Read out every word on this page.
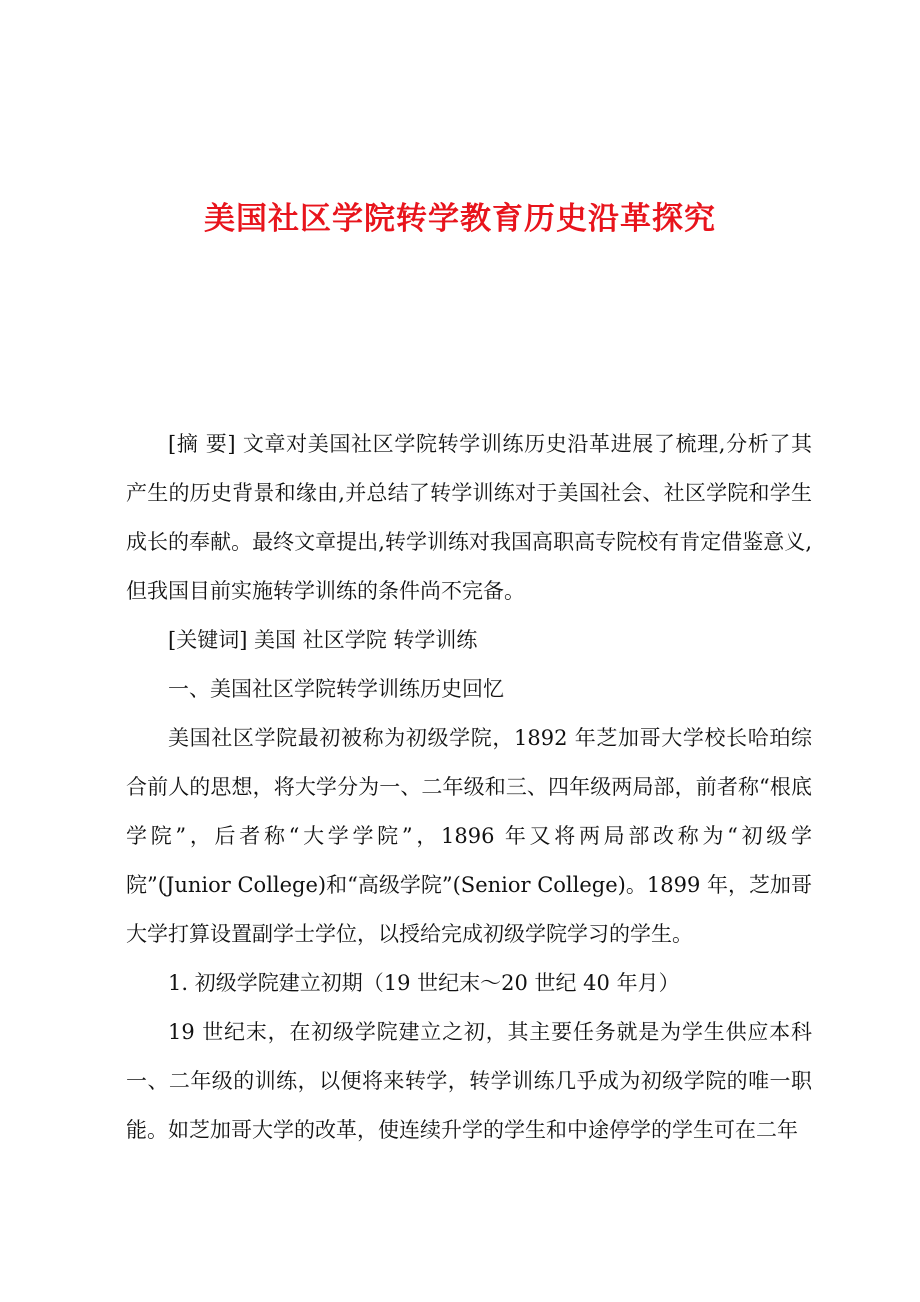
美国社区学院转学教育历史沿革探究

[摘 要] 文章对美国社区学院转学训练历史沿革进展了梳理,分析了其产生的历史背景和缘由,并总结了转学训练对于美国社会、社区学院和学生成长的奉献。最终文章提出,转学训练对我国高职高专院校有肯定借鉴意义,但我国目前实施转学训练的条件尚不完备。

[关键词] 美国 社区学院 转学训练

一、美国社区学院转学训练历史回忆

美国社区学院最初被称为初级学院，1892 年芝加哥大学校长哈珀综合前人的思想，将大学分为一、二年级和三、四年级两局部，前者称“根底学院”，后者称“大学学院”，1896 年又将两局部改称为“初级学院”(Junior College)和“高级学院”(Senior College)。1899 年，芝加哥大学打算设置副学士学位，以授给完成初级学院学习的学生。

1. 初级学院建立初期（19 世纪末～20 世纪 40 年月）

19 世纪末，在初级学院建立之初，其主要任务就是为学生供应本科一、二年级的训练，以便将来转学，转学训练几乎成为初级学院的唯一职能。如芝加哥大学的改革，使连续升学的学生和中途停学的学生可在二年
